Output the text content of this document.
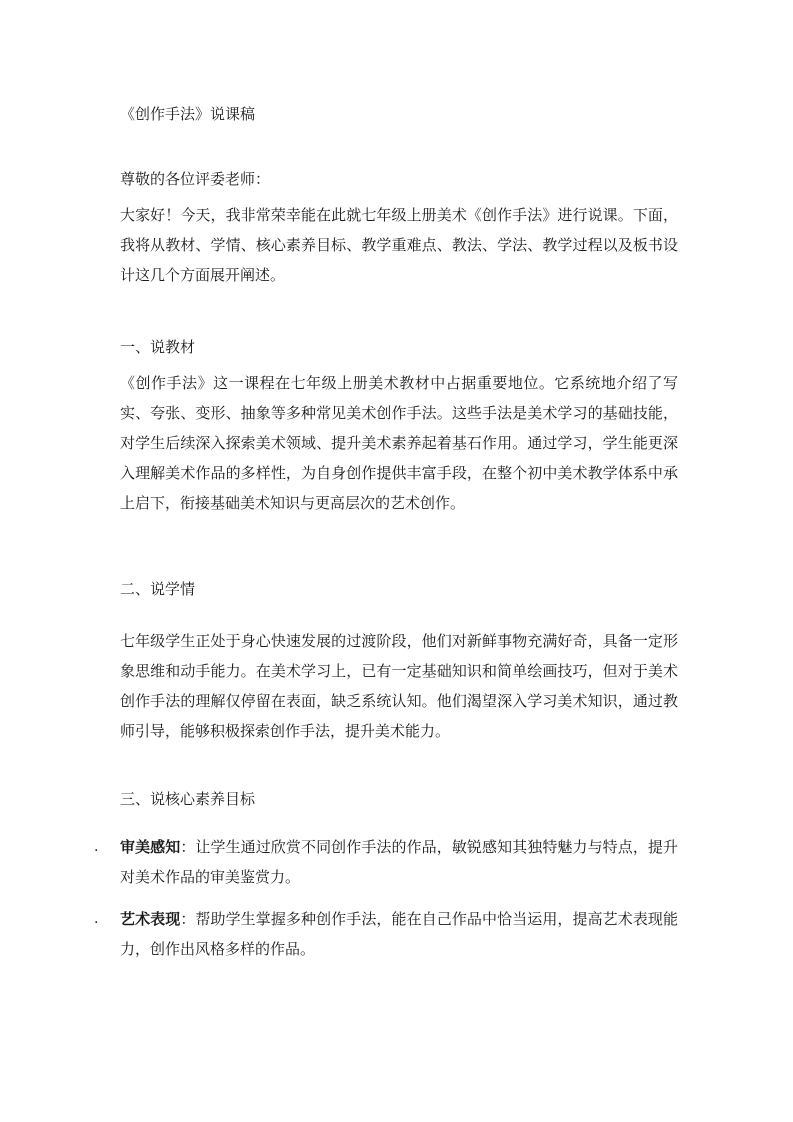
《创作手法》说课稿

尊敬的各位评委老师：

大家好！今天，我非常荣幸能在此就七年级上册美术《创作手法》进行说课。下面，我将从教材、学情、核心素养目标、教学重难点、教法、学法、教学过程以及板书设计这几个方面展开阐述。

一、说教材

《创作手法》这一课程在七年级上册美术教材中占据重要地位。它系统地介绍了写实、夸张、变形、抽象等多种常见美术创作手法。这些手法是美术学习的基础技能，对学生后续深入探索美术领域、提升美术素养起着基石作用。通过学习，学生能更深入理解美术作品的多样性，为自身创作提供丰富手段，在整个初中美术教学体系中承上启下，衔接基础美术知识与更高层次的艺术创作。

二、说学情

七年级学生正处于身心快速发展的过渡阶段，他们对新鲜事物充满好奇，具备一定形象思维和动手能力。在美术学习上，已有一定基础知识和简单绘画技巧，但对于美术创作手法的理解仅停留在表面，缺乏系统认知。他们渴望深入学习美术知识，通过教师引导，能够积极探索创作手法，提升美术能力。

三、说核心素养目标

. 审美感知：让学生通过欣赏不同创作手法的作品，敏锐感知其独特魅力与特点，提升对美术作品的审美鉴赏力。

. 艺术表现：帮助学生掌握多种创作手法，能在自己作品中恰当运用，提高艺术表现能力，创作出风格多样的作品。
